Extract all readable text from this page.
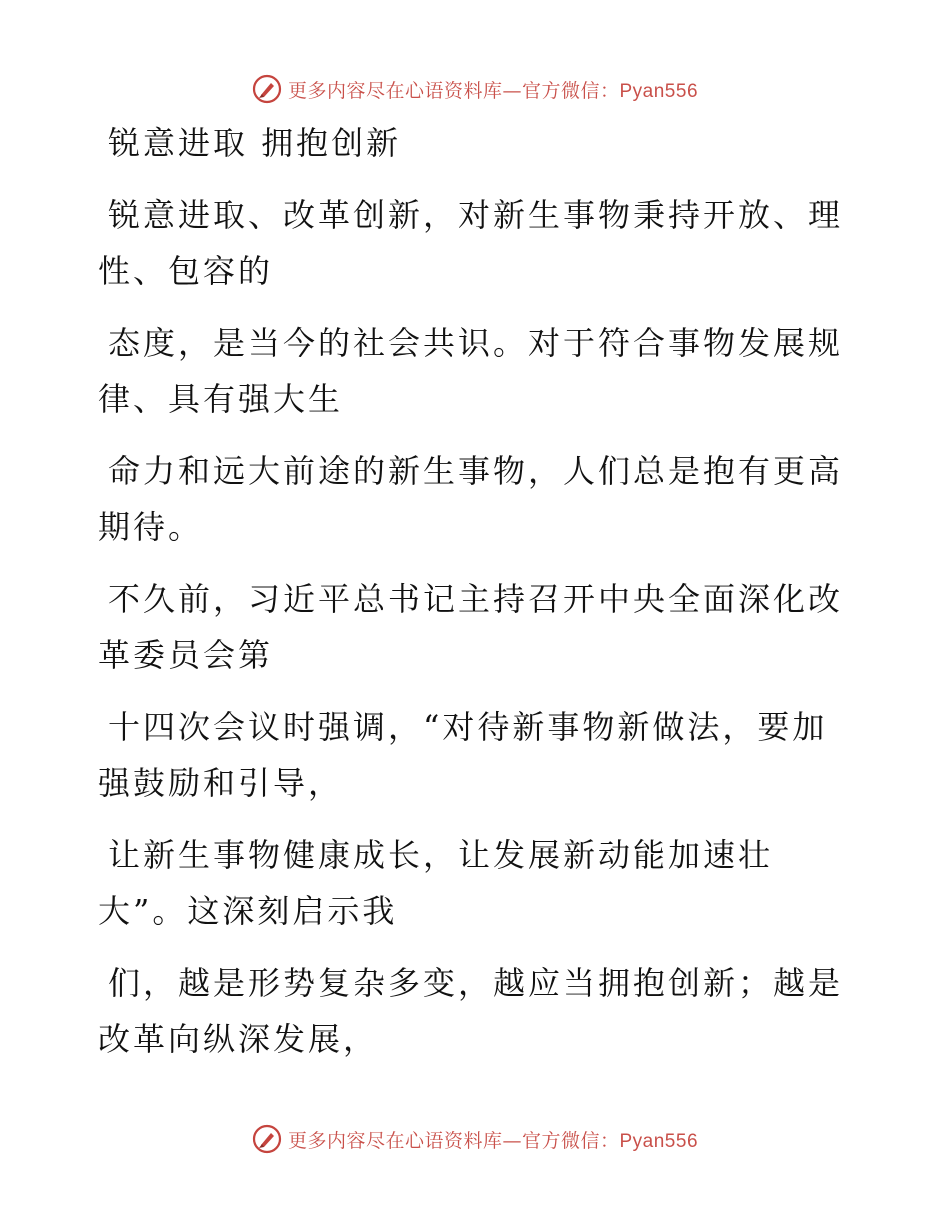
更多内容尽在心语资料库—官方微信：Pyan556
锐意进取 拥抱创新
锐意进取、改革创新，对新生事物秉持开放、理
性、包容的
态度，是当今的社会共识。对于符合事物发展规
律、具有强大生
命力和远大前途的新生事物，人们总是抱有更高
期待。
不久前，习近平总书记主持召开中央全面深化改
革委员会第
十四次会议时强调，“对待新事物新做法，要加
强鼓励和引导，
让新生事物健康成长，让发展新动能加速壮
大”。这深刻启示我
们，越是形势复杂多变，越应当拥抱创新；越是
改革向纵深发展，
更多内容尽在心语资料库—官方微信：Pyan556
